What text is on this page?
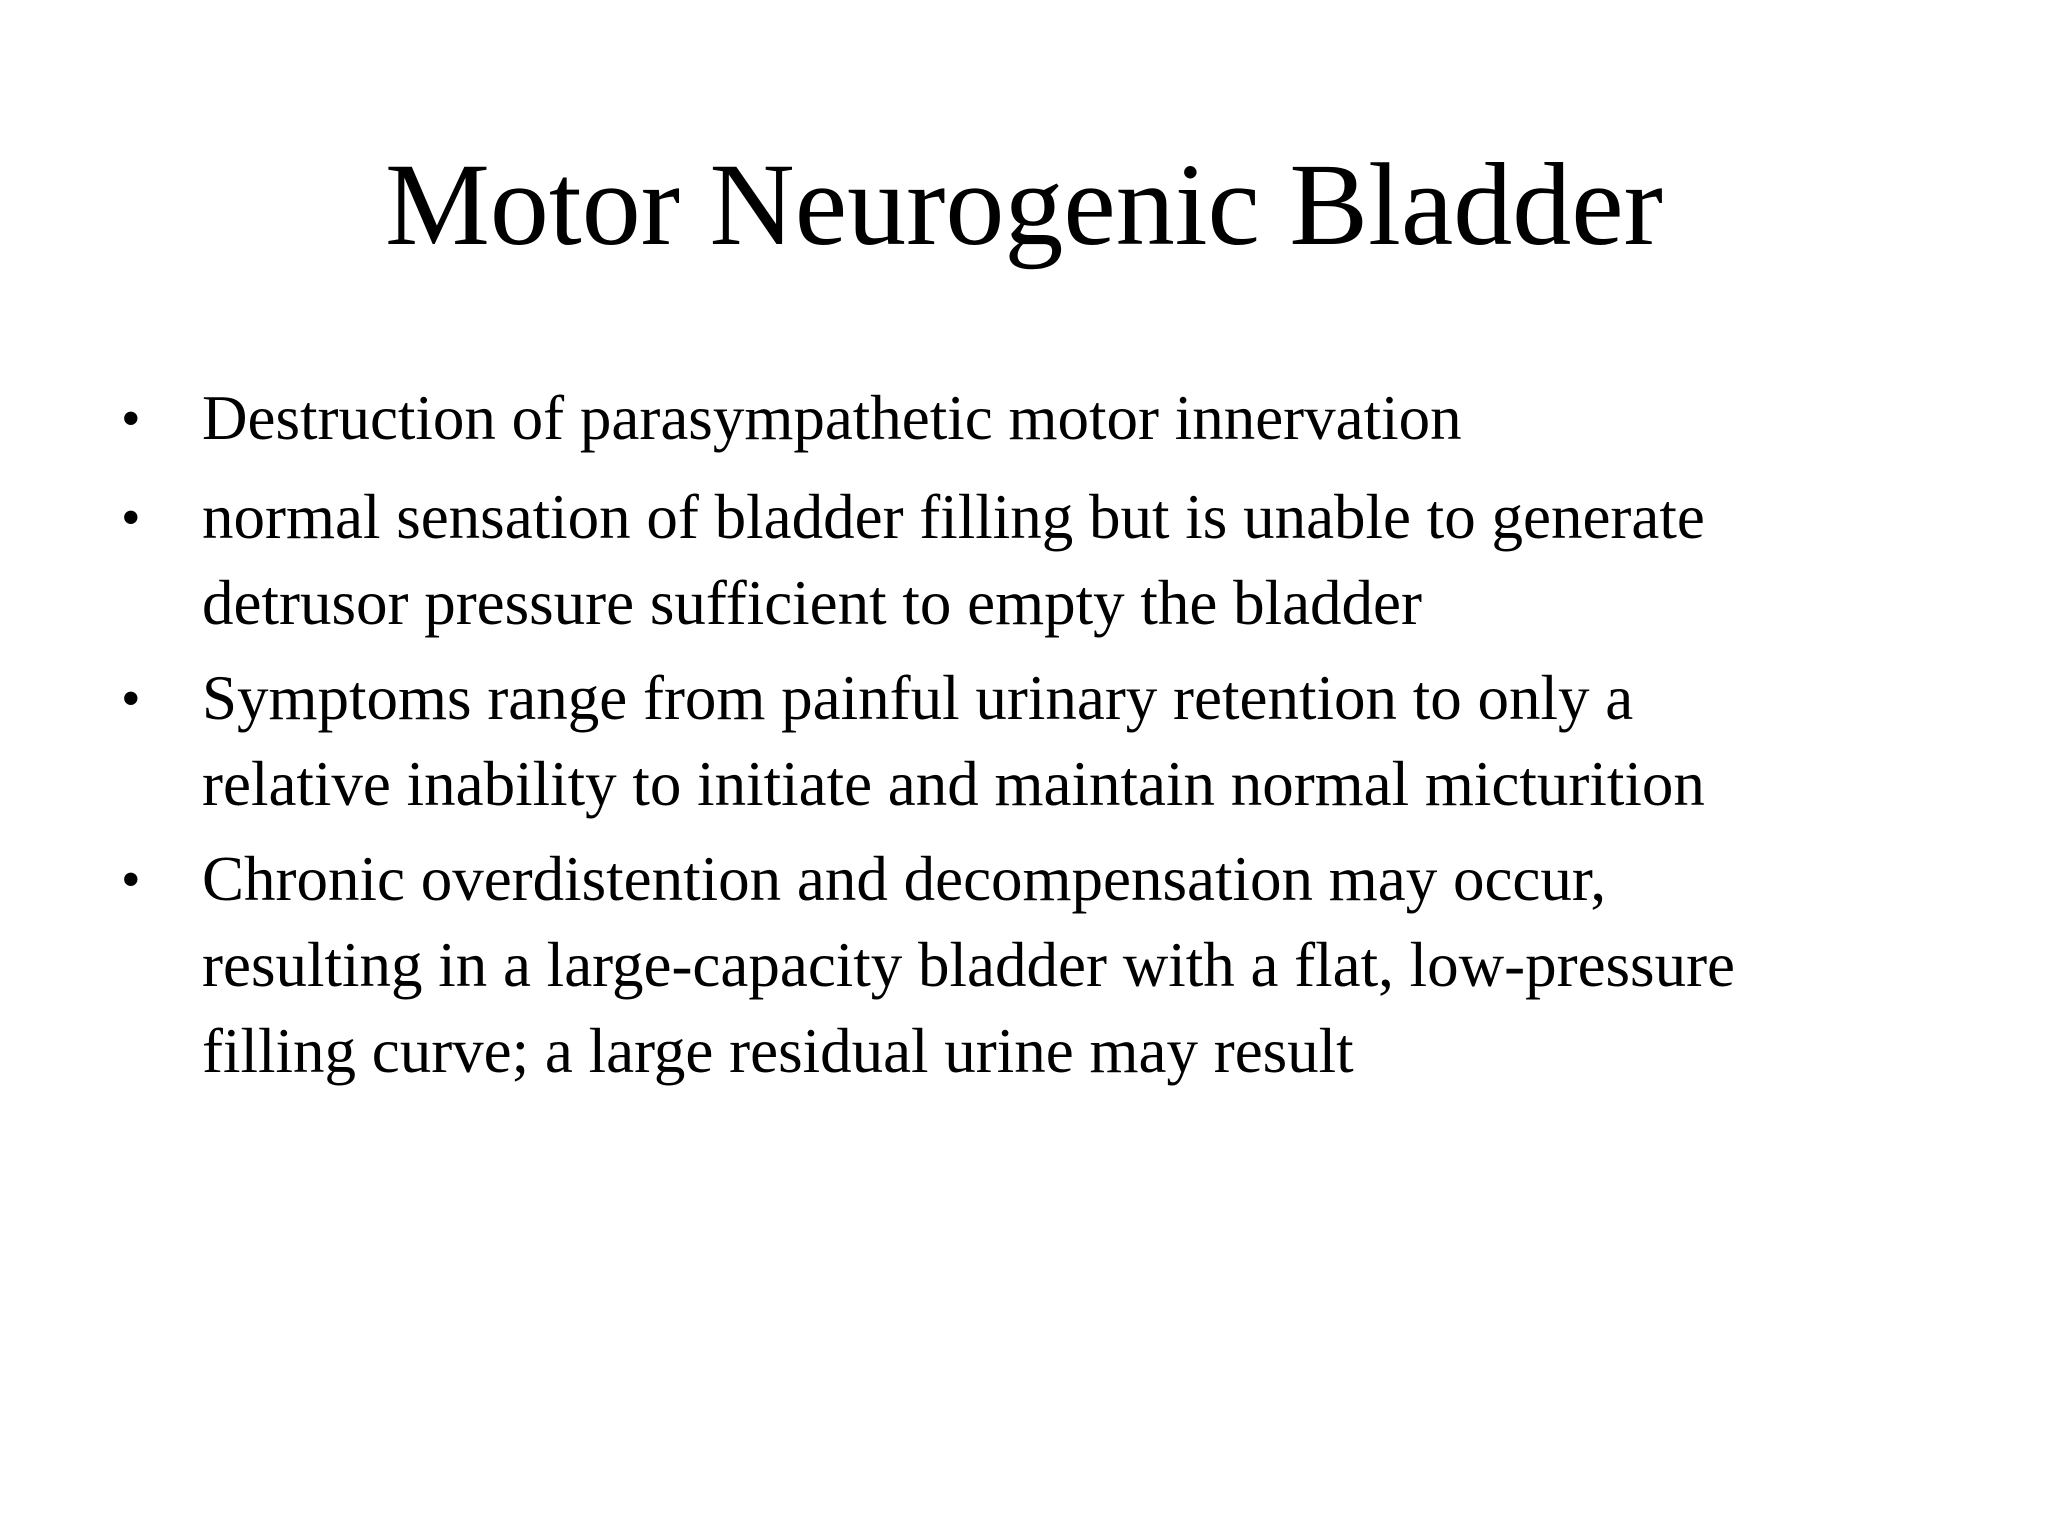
Motor Neurogenic Bladder
• Destruction of parasympathetic motor innervation
• normal sensation of bladder filling but is unable to generate
detrusor pressure sufficient to empty the bladder
• Symptoms range from painful urinary retention to only a
relative inability to initiate and maintain normal micturition
• Chronic overdistention and decompensation may occur,
resulting in a large-capacity bladder with a flat, low-pressure
filling curve; a large residual urine may result
